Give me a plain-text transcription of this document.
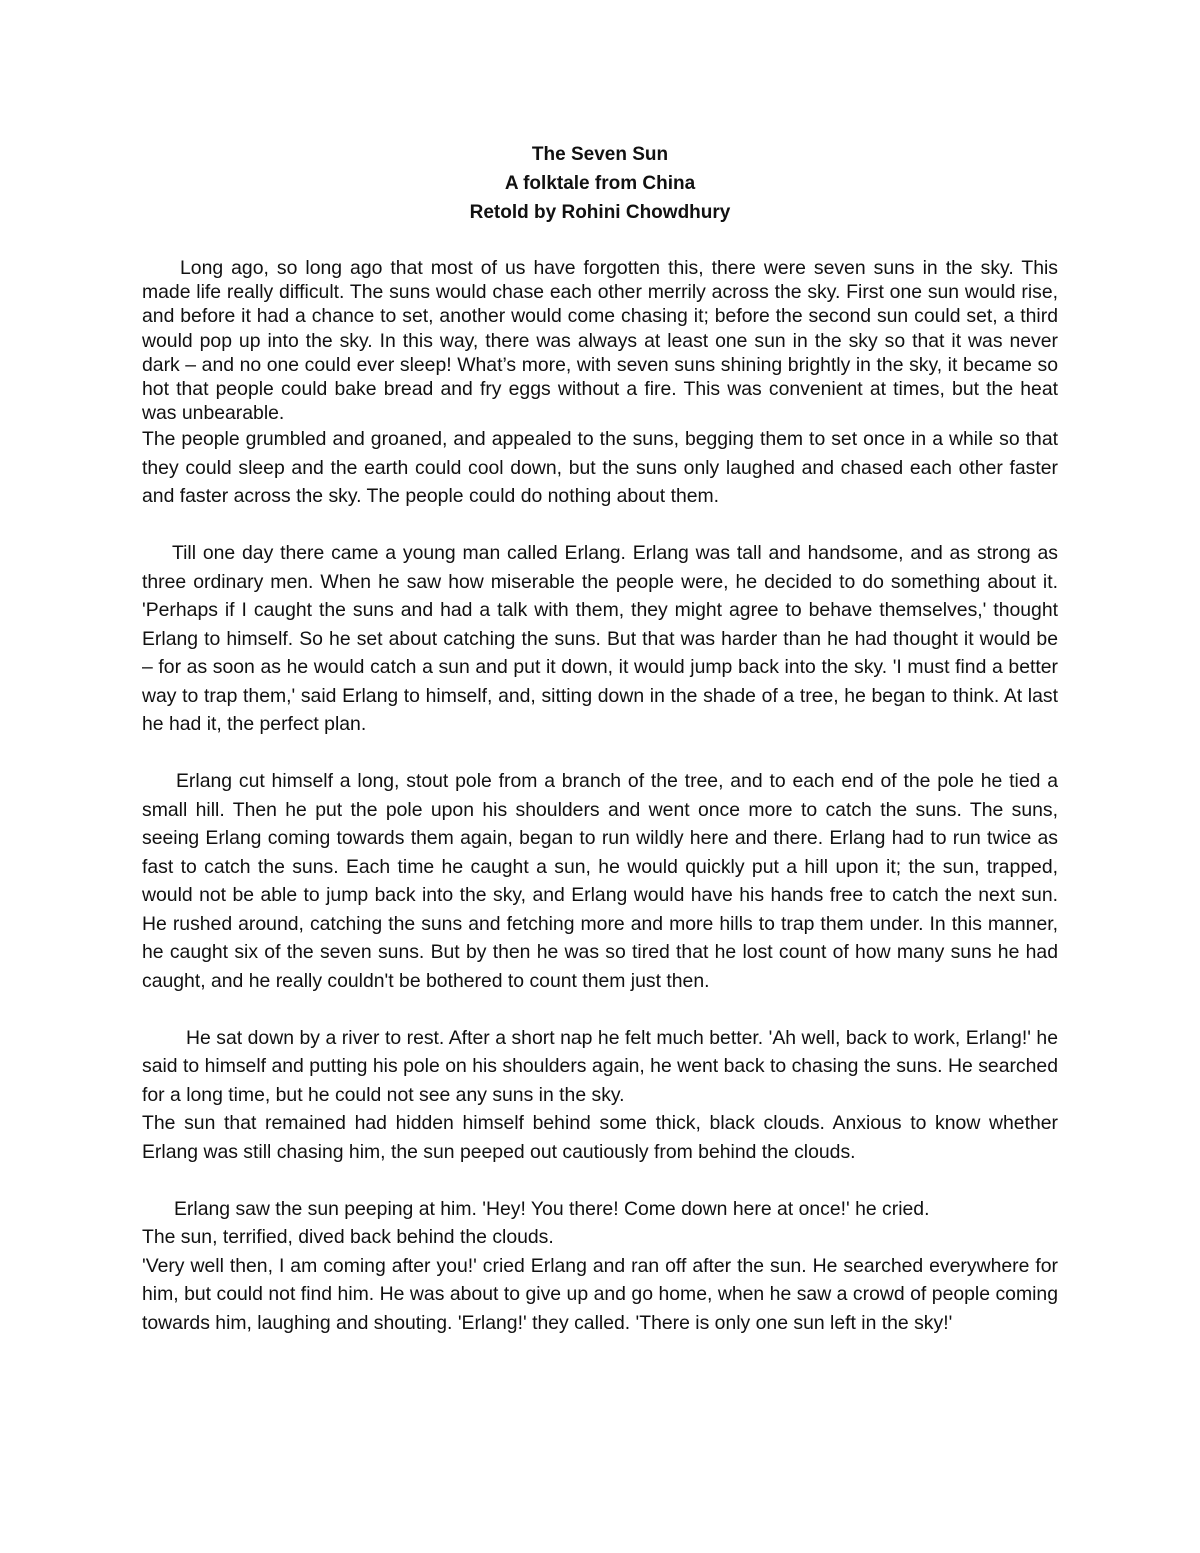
The Seven Sun
A folktale from China
Retold by Rohini Chowdhury

Long ago, so long ago that most of us have forgotten this, there were seven suns in the sky. This made life really difficult. The suns would chase each other merrily across the sky. First one sun would rise, and before it had a chance to set, another would come chasing it; before the second sun could set, a third would pop up into the sky. In this way, there was always at least one sun in the sky so that it was never dark – and no one could ever sleep! What’s more, with seven suns shining brightly in the sky, it became so hot that people could bake bread and fry eggs without a fire. This was convenient at times, but the heat was unbearable.

The people grumbled and groaned, and appealed to the suns, begging them to set once in a while so that they could sleep and the earth could cool down, but the suns only laughed and chased each other faster and faster across the sky. The people could do nothing about them.

Till one day there came a young man called Erlang. Erlang was tall and handsome, and as strong as three ordinary men. When he saw how miserable the people were, he decided to do something about it. 'Perhaps if I caught the suns and had a talk with them, they might agree to behave themselves,' thought Erlang to himself. So he set about catching the suns. But that was harder than he had thought it would be – for as soon as he would catch a sun and put it down, it would jump back into the sky. 'I must find a better way to trap them,' said Erlang to himself, and, sitting down in the shade of a tree, he began to think. At last he had it, the perfect plan.

Erlang cut himself a long, stout pole from a branch of the tree, and to each end of the pole he tied a small hill. Then he put the pole upon his shoulders and went once more to catch the suns. The suns, seeing Erlang coming towards them again, began to run wildly here and there. Erlang had to run twice as fast to catch the suns. Each time he caught a sun, he would quickly put a hill upon it; the sun, trapped, would not be able to jump back into the sky, and Erlang would have his hands free to catch the next sun. He rushed around, catching the suns and fetching more and more hills to trap them under. In this manner, he caught six of the seven suns. But by then he was so tired that he lost count of how many suns he had caught, and he really couldn't be bothered to count them just then.

He sat down by a river to rest. After a short nap he felt much better. 'Ah well, back to work, Erlang!' he said to himself and putting his pole on his shoulders again, he went back to chasing the suns. He searched for a long time, but he could not see any suns in the sky.

The sun that remained had hidden himself behind some thick, black clouds. Anxious to know whether Erlang was still chasing him, the sun peeped out cautiously from behind the clouds.

Erlang saw the sun peeping at him. 'Hey! You there! Come down here at once!' he cried.

The sun, terrified, dived back behind the clouds.

'Very well then, I am coming after you!' cried Erlang and ran off after the sun. He searched everywhere for him, but could not find him. He was about to give up and go home, when he saw a crowd of people coming towards him, laughing and shouting. 'Erlang!' they called. 'There is only one sun left in the sky!'
